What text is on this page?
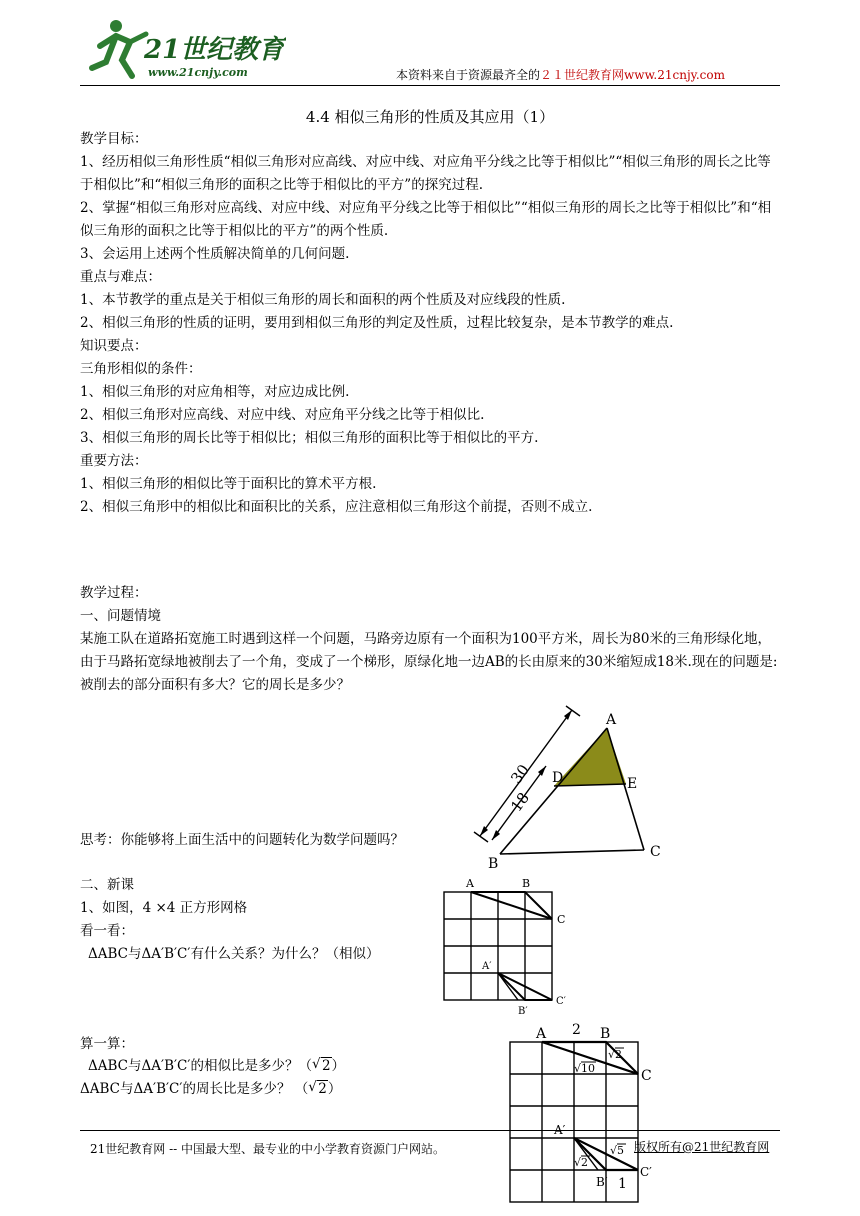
21世纪教育
www.21cnjy.com	本资料来自于资源最齐全的２１世纪教育网www.21cnjy.com
4.4 相似三角形的性质及其应用（1）

教学目标：

1、经历相似三角形性质“相似三角形对应高线、对应中线、对应角平分线之比等于相似比”“相似三角形的周长之比等于相似比”和“相似三角形的面积之比等于相似比的平方”的探究过程.

2、掌握“相似三角形对应高线、对应中线、对应角平分线之比等于相似比”“相似三角形的周长之比等于相似比”和“相似三角形的面积之比等于相似比的平方”的两个性质.

3、会运用上述两个性质解决简单的几何问题.

重点与难点：

1、本节教学的重点是关于相似三角形的周长和面积的两个性质及对应线段的性质.

2、相似三角形的性质的证明，要用到相似三角形的判定及性质，过程比较复杂，是本节教学的难点.

知识要点：

三角形相似的条件：

1、相似三角形的对应角相等，对应边成比例.

2、相似三角形对应高线、对应中线、对应角平分线之比等于相似比.

3、相似三角形的周长比等于相似比；相似三角形的面积比等于相似比的平方.

重要方法：

1、相似三角形的相似比等于面积比的算术平方根.

2、相似三角形中的相似比和面积比的关系，应注意相似三角形这个前提，否则不成立.

教学过程：

一、问题情境

某施工队在道路拓宽施工时遇到这样一个问题，马路旁边原有一个面积为100平方米，周长为80米的三角形绿化地，由于马路拓宽绿地被削去了一个角，变成了一个梯形，原绿化地一边AB的长由原来的30米缩短成18米.现在的问题是:被削去的部分面积有多大？它的周长是多少？

30
18
A
D	E
B
C
思考：你能够将上面生活中的问题转化为数学问题吗？
二、新课
1、如图，4 ×4 正方形网格
看一看：
ΔABC与ΔA′B′C′有什么关系？为什么？（相似）
A	B
C
A′
B′
C′
算一算：
ΔABC与ΔA′B′C′的相似比是多少？（ √ 2）
ΔABC与ΔA′B′C′的周长比是多少？ （ √ 2）
A 2 B
C
A′
B′ 1
C′
√ 10
√ 2
√ 2
√ 5
21世纪教育网 -- 中国最大型、最专业的中小学教育资源门户网站。	版权所有@21世纪教育网
